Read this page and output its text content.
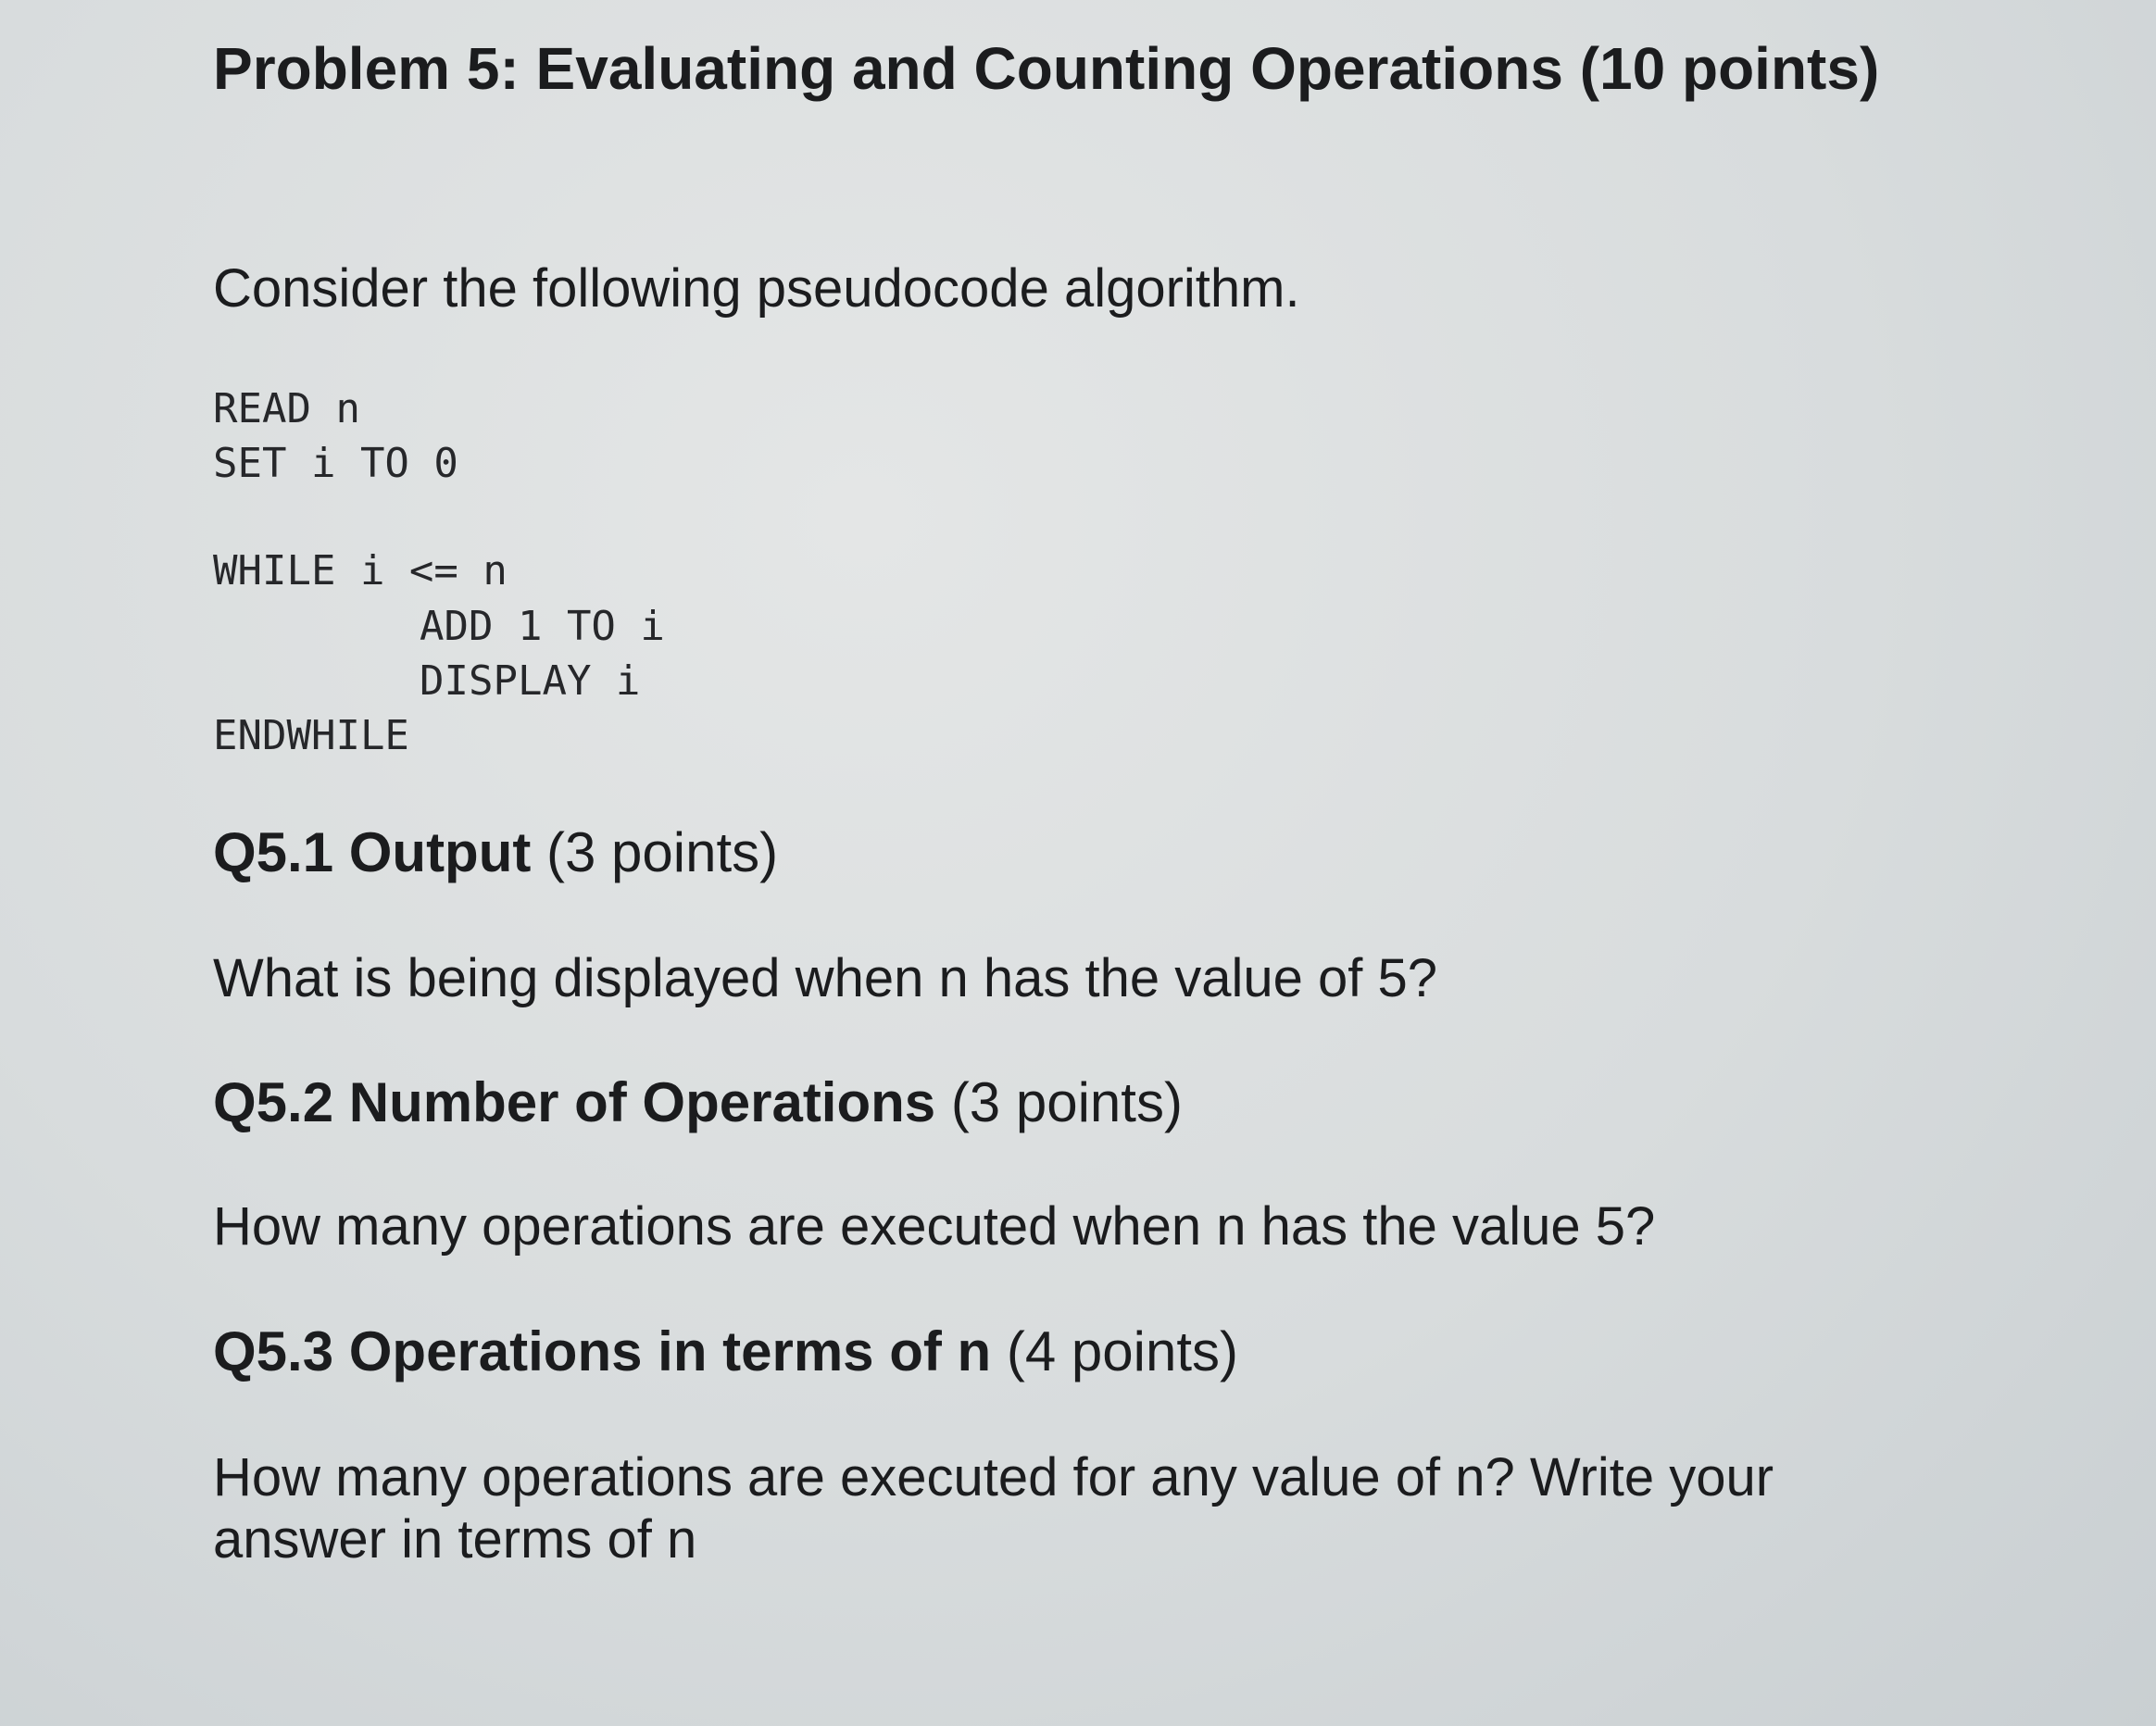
Problem 5: Evaluating and Counting Operations (10 points)
Consider the following pseudocode algorithm.
READ n
SET i TO 0
WHILE i <= n
ADD 1 TO i
DISPLAY i
ENDWHILE
Q5.1 Output (3 points)
What is being displayed when n has the value of 5?
Q5.2 Number of Operations (3 points)
How many operations are executed when n has the value 5?
Q5.3 Operations in terms of n (4 points)
How many operations are executed for any value of n? Write your answer in terms of n
